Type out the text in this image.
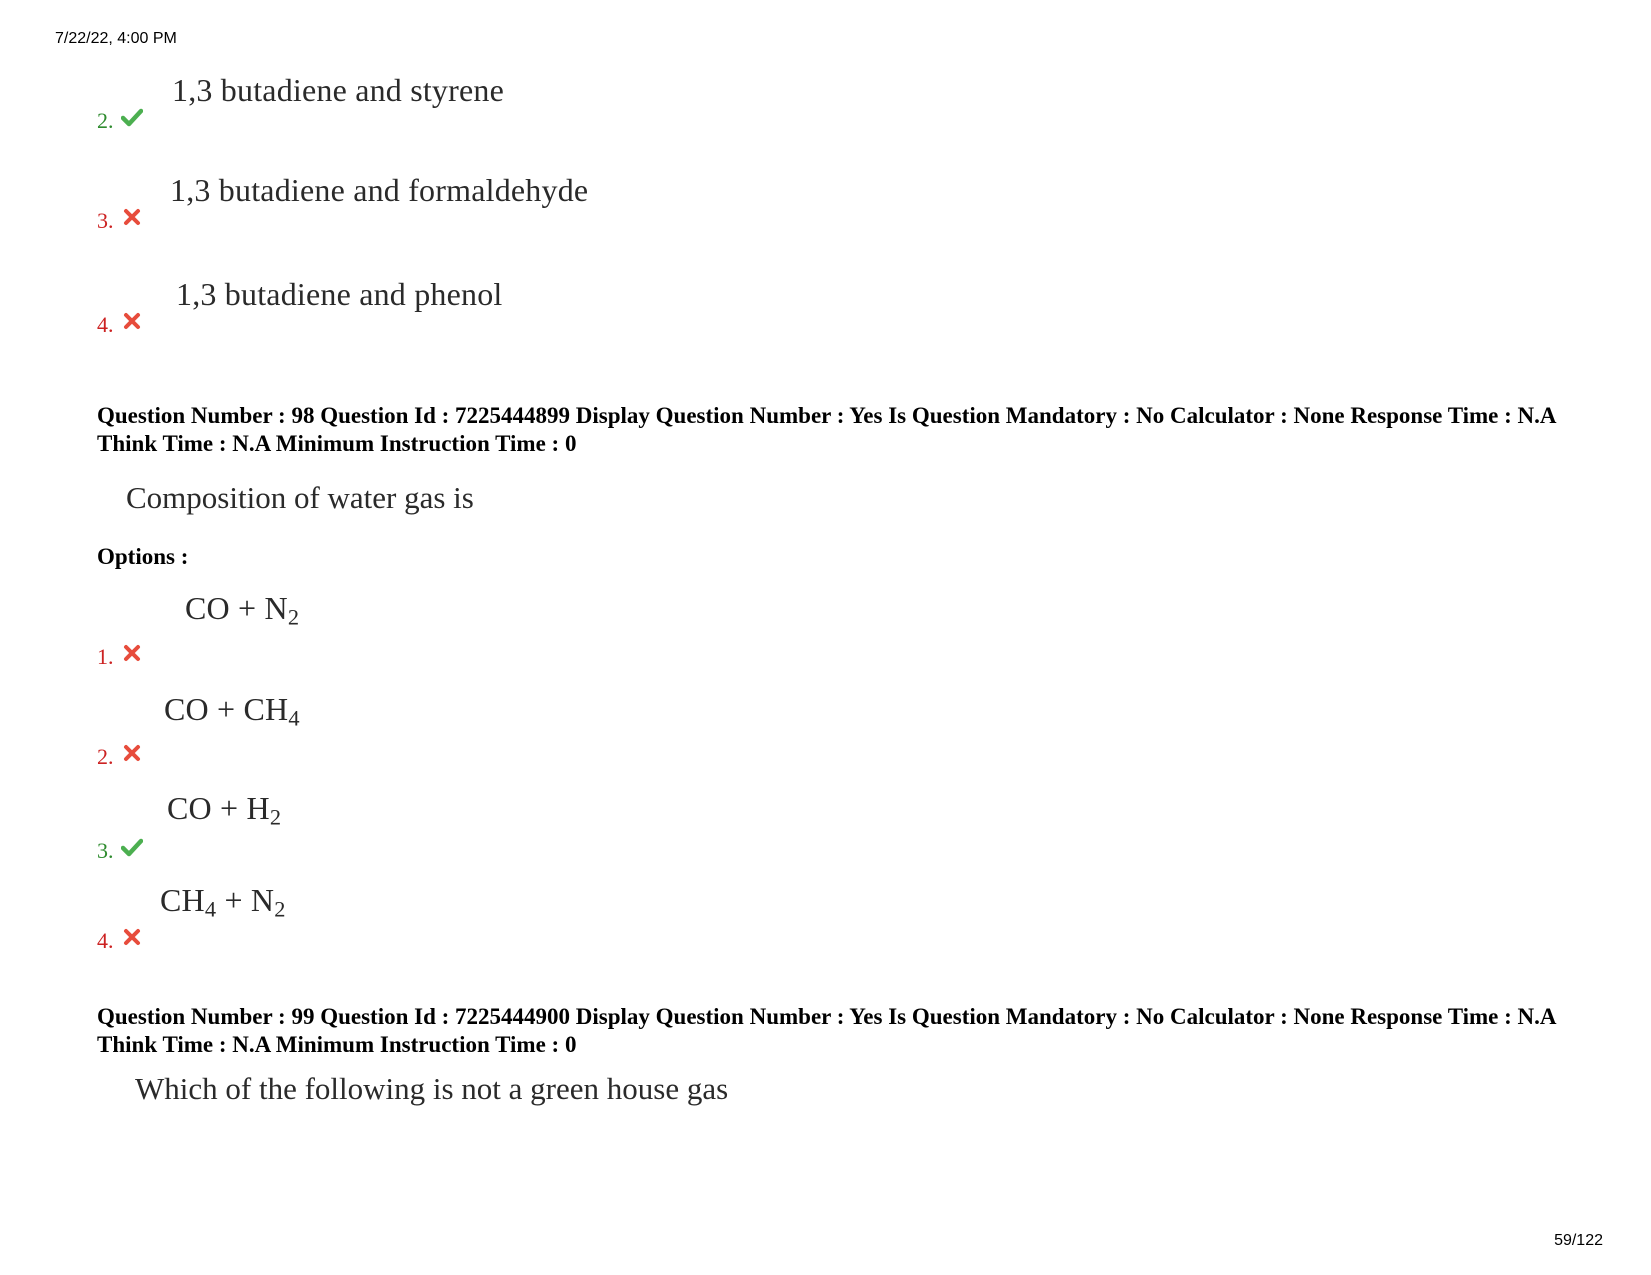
7/22/22, 4:00 PM
2.
1,3 butadiene and styrene
3.
1,3 butadiene and formaldehyde
4.
1,3 butadiene and phenol
Question Number : 98 Question Id : 7225444899 Display Question Number : Yes Is Question Mandatory : No Calculator : None Response Time : N.A Think Time : N.A Minimum Instruction Time : 0
Composition of water gas is
Options :
1.
CO + $N_2$
2.
CO + $CH_4$
3.
CO + $H_2$
4.
$CH_4 + N_2$
Question Number : 99 Question Id : 7225444900 Display Question Number : Yes Is Question Mandatory : No Calculator : None Response Time : N.A Think Time : N.A Minimum Instruction Time : 0
Which of the following is not a green house gas
59/122
